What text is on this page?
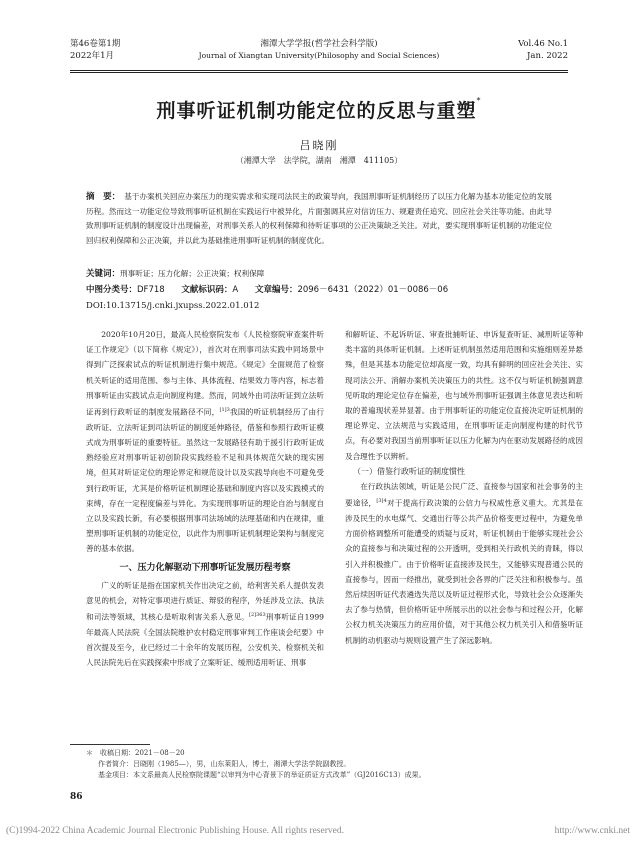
第46卷第1期
2022年1月
湘潭大学学报(哲学社会科学版)
Journal of Xiangtan University(Philosophy and Social Sciences)
Vol.46 No.1
Jan. 2022
刑事听证机制功能定位的反思与重塑*
吕晓刚
（湘潭大学　法学院，湖南　湘潭　411105）
摘　要： 基于办案机关回应办案压力的现实需求和实现司法民主的政策导向，我国刑事听证机制经历了以压力化解为基本功能定位的发展历程。然而这一功能定位导致刑事听证机制在实践运行中被异化，片面强调其应对信访压力、规避责任追究、回应社会关注等功能。由此导致刑事听证机制的制度设计出现偏差，对刑事关系人的权利保障和待听证事项的公正决策缺乏关注。对此，要实现刑事听证机制的功能定位回归权利保障和公正决策，并以此为基础推进刑事听证机制的制度优化。
关键词：刑事听证；压力化解；公正决策；权利保障
中图分类号：DF718 文献标识码：A 文章编号：2096－6431（2022）01－0086－06
DOI:10.13715/j.cnki.jxupss.2022.01.012

2020年10月20日，最高人民检察院发布《人民检察院审查案件听证工作规定》（以下简称《规定》），首次对在刑事司法实践中同场景中得到广泛探索试点的听证机制进行集中规范。《规定》全面规范了检察机关听证的适用范围、参与主体、具体流程、结果效力等内容，标志着刑事听证由实践试点走向制度构建。然而，同域外由司法听证到立法听证再到行政听证的制度发展路径不同，$^{[1]3}$我国的听证机制经历了由行政听证、立法听证到司法听证的制度延伸路径，借鉴和参照行政听证模式成为刑事听证的重要特征。虽然这一发展路径有助于援引行政听证成熟经验应对刑事听证初创阶段实践经验不足和具体规范欠缺的现实困境，但其对听证定位的理论界定和规范设计以及实践导向也不可避免受到行政听证，尤其是价格听证机制理论基础和制度内容以及实践模式的束缚，存在一定程度偏差与异化。为实现刑事听证的理论自治与制度自立以及实践长新，有必要根据刑事司法场域的法理基础和内在规律，重塑刑事听证机制的功能定位，以此作为刑事听证机制理论架构与制度完善的基本依据。

一、压力化解驱动下刑事听证发展历程考察

广义的听证是指在国家机关作出决定之前，给利害关系人提供发表意见的机会，对特定事项进行质证、辩驳的程序，外延涉及立法、执法和司法等领域，其核心是听取利害关系人意见。$^{[2]363}$刑事听证自1999年最高人民法院《全国法院维护农村稳定刑事审判工作座谈会纪要》中首次提及至今，业已经过二十余年的发展历程，公安机关、检察机关和人民法院先后在实践探索中形成了立案听证、缓刑适用听证、刑事

和解听证、不起诉听证、审查批捕听证、申诉复查听证、减刑听证等种类丰富的具体听证机制。上述听证机制虽然适用范围和实施细则差异悬殊，但是其基本功能定位却高度一致，均具有鲜明的回应社会关注、实现司法公开、消解办案机关决策压力的共性。这不仅与听证机制强调意见听取的理论定位存在偏差，也与域外刑事听证强调主体意见表达和听取的普遍现状差异显著。由于刑事听证的功能定位直接决定听证机制的理论界定、立法规范与实践适用，在刑事听证走向制度构建的时代节点，有必要对我国当前刑事听证以压力化解为内在驱动发展路径的成因及合理性予以辨析。

（一）借鉴行政听证的制度惯性

在行政执法领域，听证是公民广泛、直接参与国家和社会事务的主要途径，$^{[3]4}$对于提高行政决策的公信力与权威性意义重大。尤其是在涉及民生的水电煤气、交通出行等公共产品价格变更过程中，为避免单方面价格调整所可能遭受的质疑与反对，听证机制由于能够实现社会公众的直接参与和决策过程的公开透明，受到相关行政机关的青睐，得以引入并积极推广。由于价格听证直接涉及民生，又能够实现普通公民的直接参与，因而一经推出，就受到社会各界的广泛关注和积极参与。虽然后续因听证代表遴选失范以及听证过程形式化，导致社会公众逐渐失去了参与热情，但价格听证中所展示出的以社会参与和过程公开，化解公权力机关决策压力的应用价值，对于其他公权力机关引入和借鉴听证机制的动机驱动与规则设置产生了深远影响。

＊　收稿日期：2021－08－20
作者简介：吕晓刚（1985—），男，山东莱阳人，博士，湘潭大学法学院副教授。
基金项目：本文系最高人民检察院课题“以审判为中心背景下的举证质证方式改革”（GJ2016C13）成果。
86
(C)1994-2022 China Academic Journal Electronic Publishing House. All rights reserved.	http://www.cnki.net
